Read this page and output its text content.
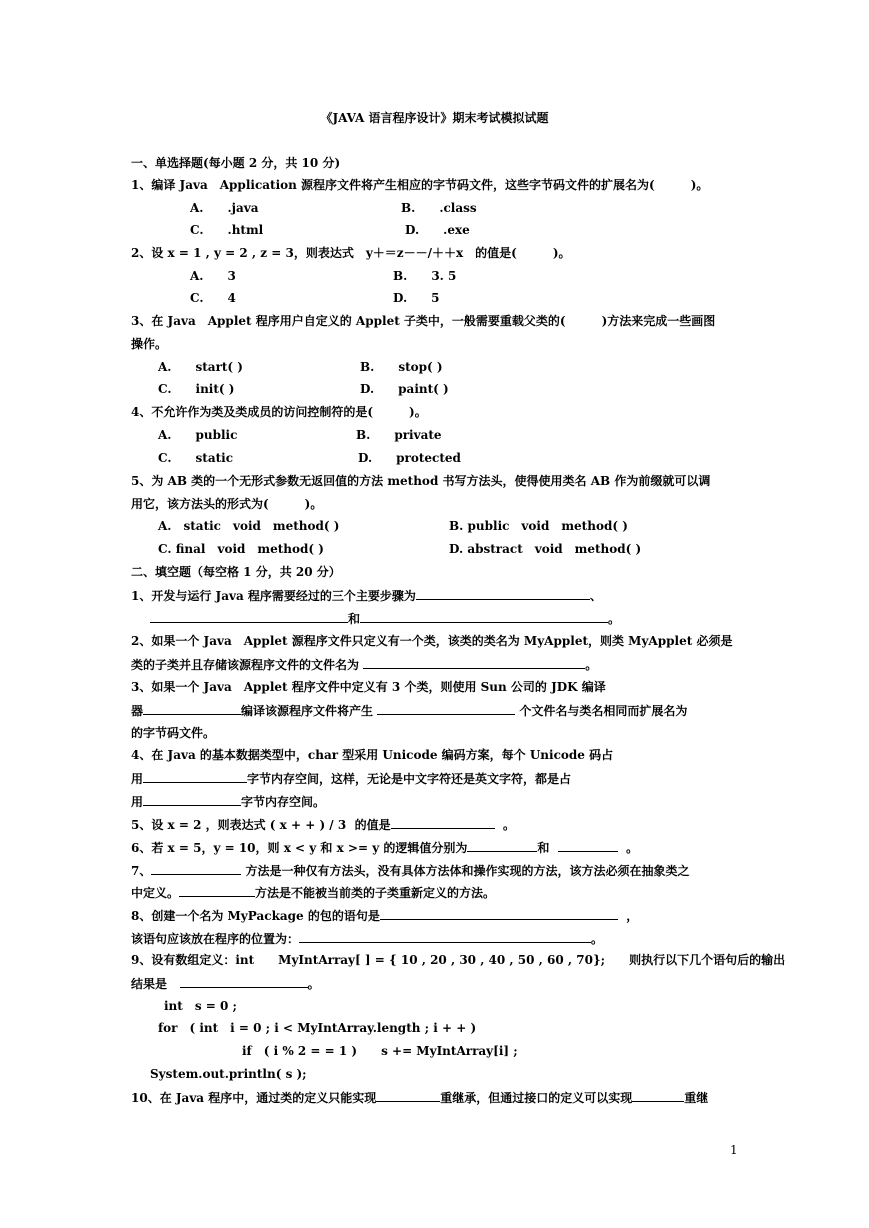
《JAVA 语言程序设计》期末考试模拟试题
一、单选择题(每小题 2 分，共 10 分)
1、编译 Java　Application 源程序文件将产生相应的字节码文件，这些字节码文件的扩展名为(　　　)。
A.　　.java	B.　　.class
C.　　.html	D.　　.exe
2、设 x = 1 , y = 2 , z = 3，则表达式　y＋＝z－－/＋＋x　的值是(　　　)。
A.　　3	B.　　3. 5
C.　　4	D.　　5
3、在 Java　Applet 程序用户自定义的 Applet 子类中，一般需要重载父类的(　　　)方法来完成一些画图
操作。
A.　　start( )	B.　　stop( )
C.　　init( )	D.　　paint( )
4、不允许作为类及类成员的访问控制符的是(　　　)。
A.　　public	B.　　private
C.　　static	D.　　protected
5、为 AB 类的一个无形式参数无返回值的方法 method 书写方法头，使得使用类名 AB 作为前缀就可以调
用它，该方法头的形式为(　　　)。
A.　static　void　method( )	B. public　void　method( )
C. final　void　method( )	D. abstract　void　method( )
二、填空题（每空格 1 分，共 20 分）
1、开发与运行 Java 程序需要经过的三个主要步骤为	、
和	。
2、如果一个 Java　Applet 源程序文件只定义有一个类，该类的类名为 MyApplet，则类 MyApplet 必须是
类的子类并且存储该源程序文件的文件名为	。
3、如果一个 Java　Applet 程序文件中定义有 3 个类，则使用 Sun 公司的 JDK 编译
器	编译该源程序文件将产生	个文件名与类名相同而扩展名为
的字节码文件。
4、在 Java 的基本数据类型中，char 型采用 Unicode 编码方案，每个 Unicode 码占
用	字节内存空间，这样，无论是中文字符还是英文字符，都是占
用	字节内存空间。
5、设 x = 2 ，则表达式 ( x + + ) / 3  的值是	。
6、若 x = 5，y = 10，则 x < y 和 x >= y 的逻辑值分别为	和	。
7、	方法是一种仅有方法头，没有具体方法体和操作实现的方法，该方法必须在抽象类之
中定义。	方法是不能被当前类的子类重新定义的方法。
8、创建一个名为 MyPackage 的包的语句是	，
该语句应该放在程序的位置为：	。
9、设有数组定义：int　　MyIntArray[ ] = { 10 , 20 , 30 , 40 , 50 , 60 , 70};　　则执行以下几个语句后的输出
结果是	。
int　s = 0 ;
for　( int　i = 0 ; i < MyIntArray.length ; i + + )
if　( i % 2 = = 1 )　　s += MyIntArray[i] ;
System.out.println( s );
10、在 Java 程序中，通过类的定义只能实现	重继承，但通过接口的定义可以实现	重继
1
